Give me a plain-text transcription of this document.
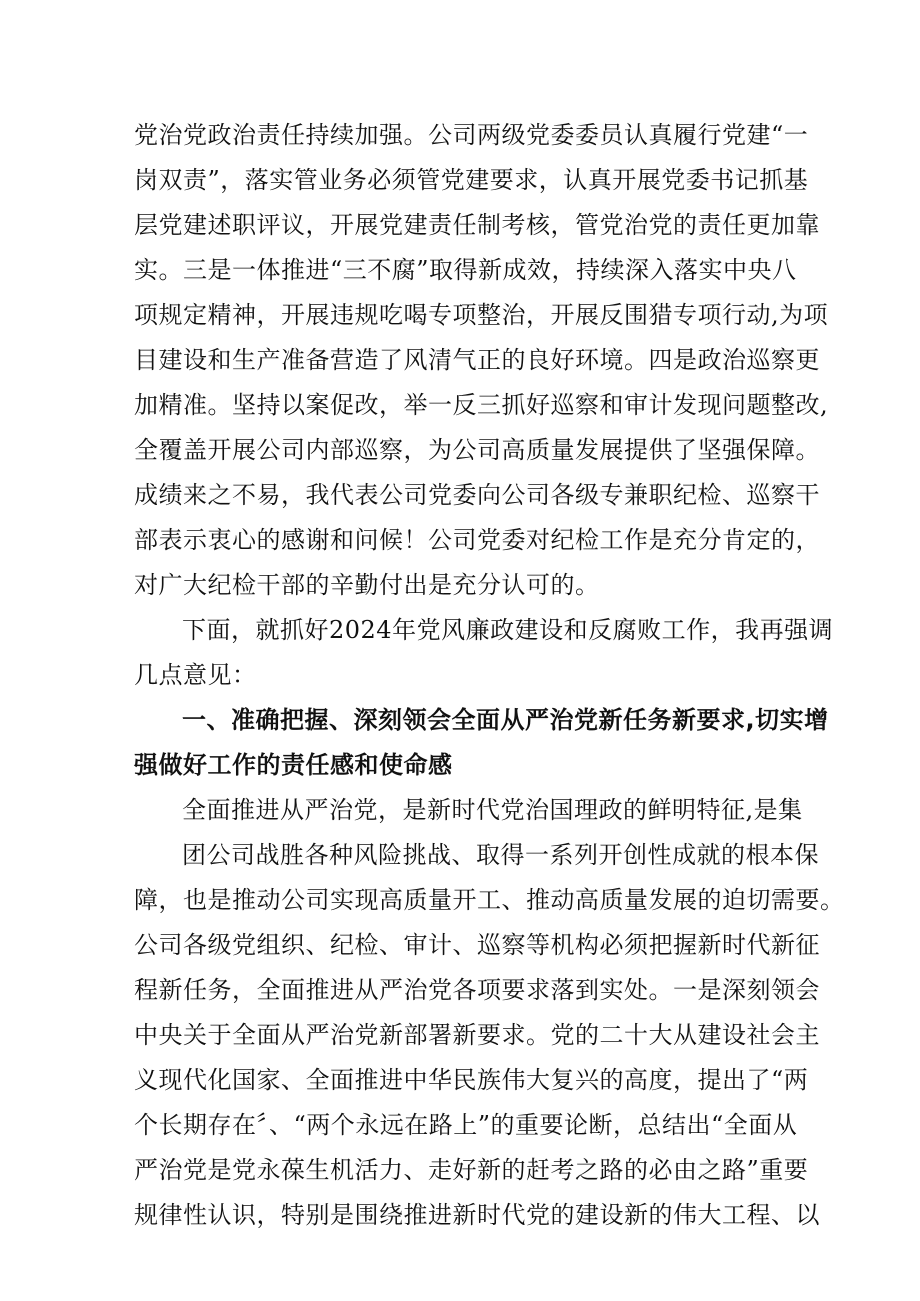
党治党政治责任持续加强。公司两级党委委员认真履行党建“一
岗双责”，落实管业务必须管党建要求，认真开展党委书记抓基
层党建述职评议，开展党建责任制考核，管党治党的责任更加靠
实。三是一体推进“三不腐”取得新成效，持续深入落实中央八
项规定精神，开展违规吃喝专项整治，开展反围猎专项行动,为项
目建设和生产准备营造了风清气正的良好环境。四是政治巡察更
加精准。坚持以案促改，举一反三抓好巡察和审计发现问题整改,
全覆盖开展公司内部巡察，为公司高质量发展提供了坚强保障。
成绩来之不易，我代表公司党委向公司各级专兼职纪检、巡察干
部表示衷心的感谢和问候！公司党委对纪检工作是充分肯定的，
对广大纪检干部的辛勤付出是充分认可的。
下面，就抓好2024年党风廉政建设和反腐败工作，我再强调
几点意见：
一、准确把握、深刻领会全面从严治党新任务新要求,切实增
强做好工作的责任感和使命感
全面推进从严治党，是新时代党治国理政的鲜明特征,是集
团公司战胜各种风险挑战、取得一系列开创性成就的根本保
障，也是推动公司实现高质量开工、推动高质量发展的迫切需要。
公司各级党组织、纪检、审计、巡察等机构必须把握新时代新征
程新任务，全面推进从严治党各项要求落到实处。一是深刻领会
中央关于全面从严治党新部署新要求。党的二十大从建设社会主
义现代化国家、全面推进中华民族伟大复兴的高度，提出了“两
个长期存在〞、“两个永远在路上”的重要论断，总结出“全面从
严治党是党永葆生机活力、走好新的赶考之路的必由之路”重要
规律性认识，特别是围绕推进新时代党的建设新的伟大工程、以
